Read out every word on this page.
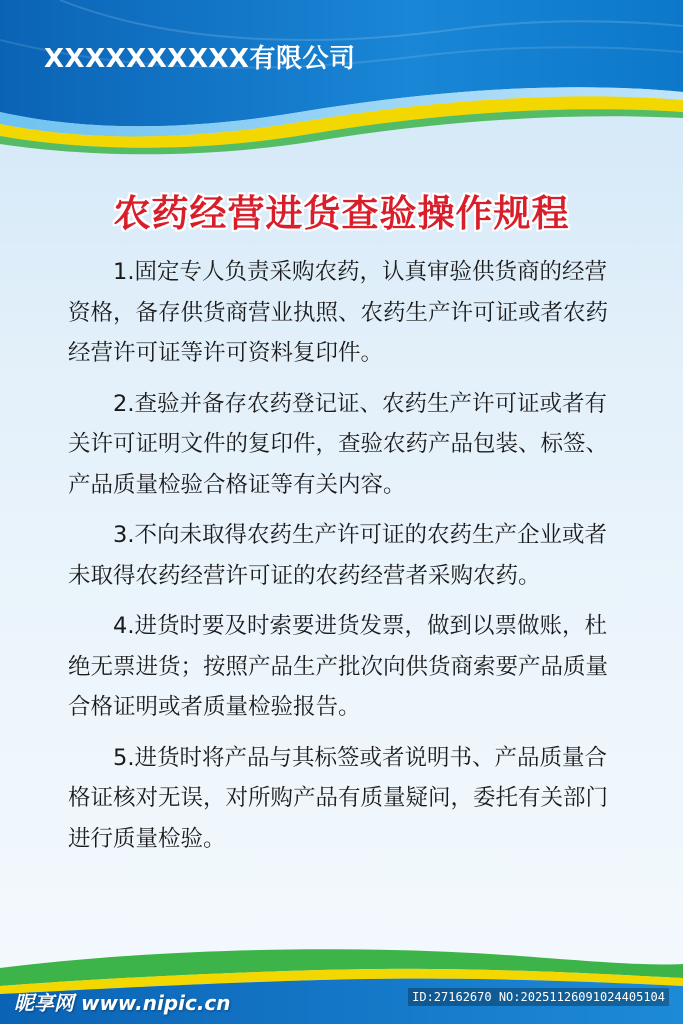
XXXXXXXXXX有限公司
农药经营进货查验操作规程

1.固定专人负责采购农药，认真审验供货商的经营资格，备存供货商营业执照、农药生产许可证或者农药经营许可证等许可资料复印件。

2.查验并备存农药登记证、农药生产许可证或者有关许可证明文件的复印件，查验农药产品包装、标签、产品质量检验合格证等有关内容。

3.不向未取得农药生产许可证的农药生产企业或者未取得农药经营许可证的农药经营者采购农药。

4.进货时要及时索要进货发票，做到以票做账，杜绝无票进货；按照产品生产批次向供货商索要产品质量合格证明或者质量检验报告。

5.进货时将产品与其标签或者说明书、产品质量合格证核对无误，对所购产品有质量疑问，委托有关部门进行质量检验。

昵享网 www.nipic.cn	ID:27162670 NO:20251126091024405104
